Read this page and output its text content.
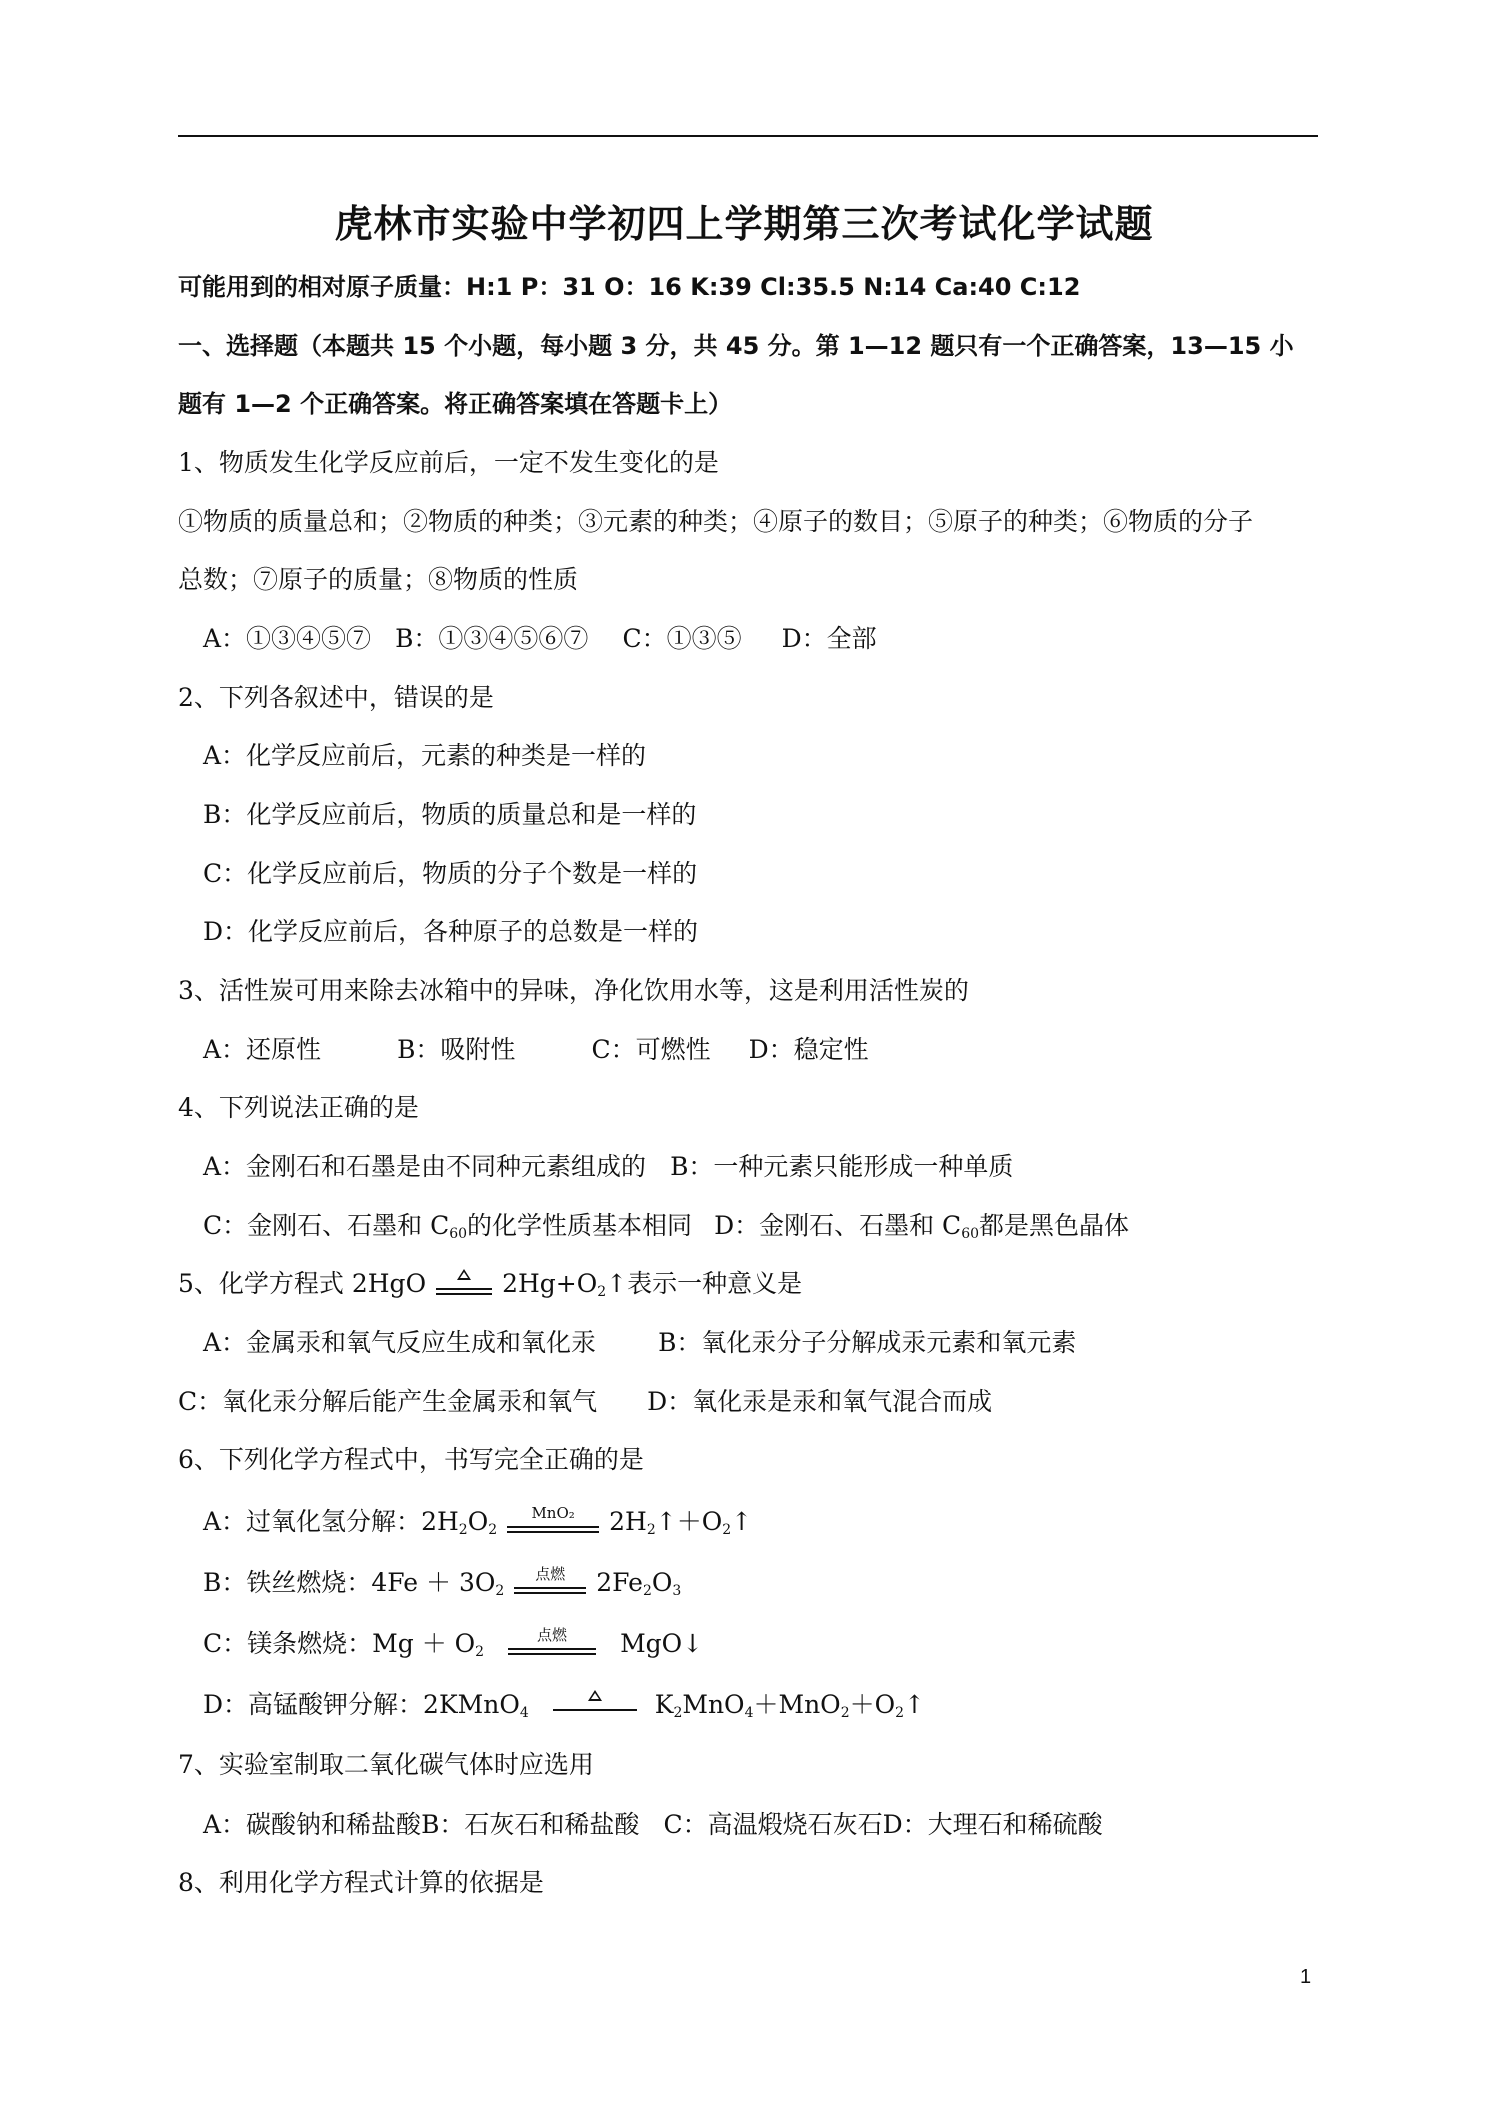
虎林市实验中学初四上学期第三次考试化学试题
可能用到的相对原子质量：H:1 P：31 O：16 K:39 Cl:35.5 N:14 Ca:40 C:12
一、选择题（本题共 15 个小题，每小题 3 分，共 45 分。第 1—12 题只有一个正确答案，13—15 小
题有 1—2 个正确答案。将正确答案填在答题卡上）
1、物质发生化学反应前后，一定不发生变化的是
①物质的质量总和；②物质的种类；③元素的种类；④原子的数目；⑤原子的种类；⑥物质的分子
总数；⑦原子的质量；⑧物质的性质
A：①③④⑤⑦ B：①③④⑤⑥⑦ C：①③⑤ D：全部
2、下列各叙述中，错误的是
A：化学反应前后，元素的种类是一样的
B：化学反应前后，物质的质量总和是一样的
C：化学反应前后，物质的分子个数是一样的
D：化学反应前后，各种原子的总数是一样的
3、活性炭可用来除去冰箱中的异味，净化饮用水等，这是利用活性炭的
A：还原性	B：吸附性	C：可燃性 D：稳定性
4、下列说法正确的是
A：金刚石和石墨是由不同种元素组成的 B：一种元素只能形成一种单质
C：金刚石、石墨和 $C_{60}$的化学性质基本相同 D：金刚石、石墨和 $C_{60}$都是黑色晶体
5、化学方程式 2HgO	$2Hg+O_2↑$表示一种意义是
A：金属汞和氧气反应生成和氧化汞 B：氧化汞分子分解成汞元素和氧元素
C：氧化汞分解后能产生金属汞和氧气 D：氧化汞是汞和氧气混合而成
6、下列化学方程式中，书写完全正确的是
A：过氧化氢分解：$2H_2O_2$
MnO₂	$2H_2↑+O_2↑$
B：铁丝燃烧：$4Fe + 3O_2$
点燃	$2Fe_2O_3$
C：镁条燃烧：$Mg + O_2$
点燃	MgO↓
D：高锰酸钾分解：2KMnO$_4$	$K_2MnO_4+MnO_2+O_2↑$
7、实验室制取二氧化碳气体时应选用
A：碳酸钠和稀盐酸B：石灰石和稀盐酸 C：高温煅烧石灰石D：大理石和稀硫酸
8、利用化学方程式计算的依据是
1
